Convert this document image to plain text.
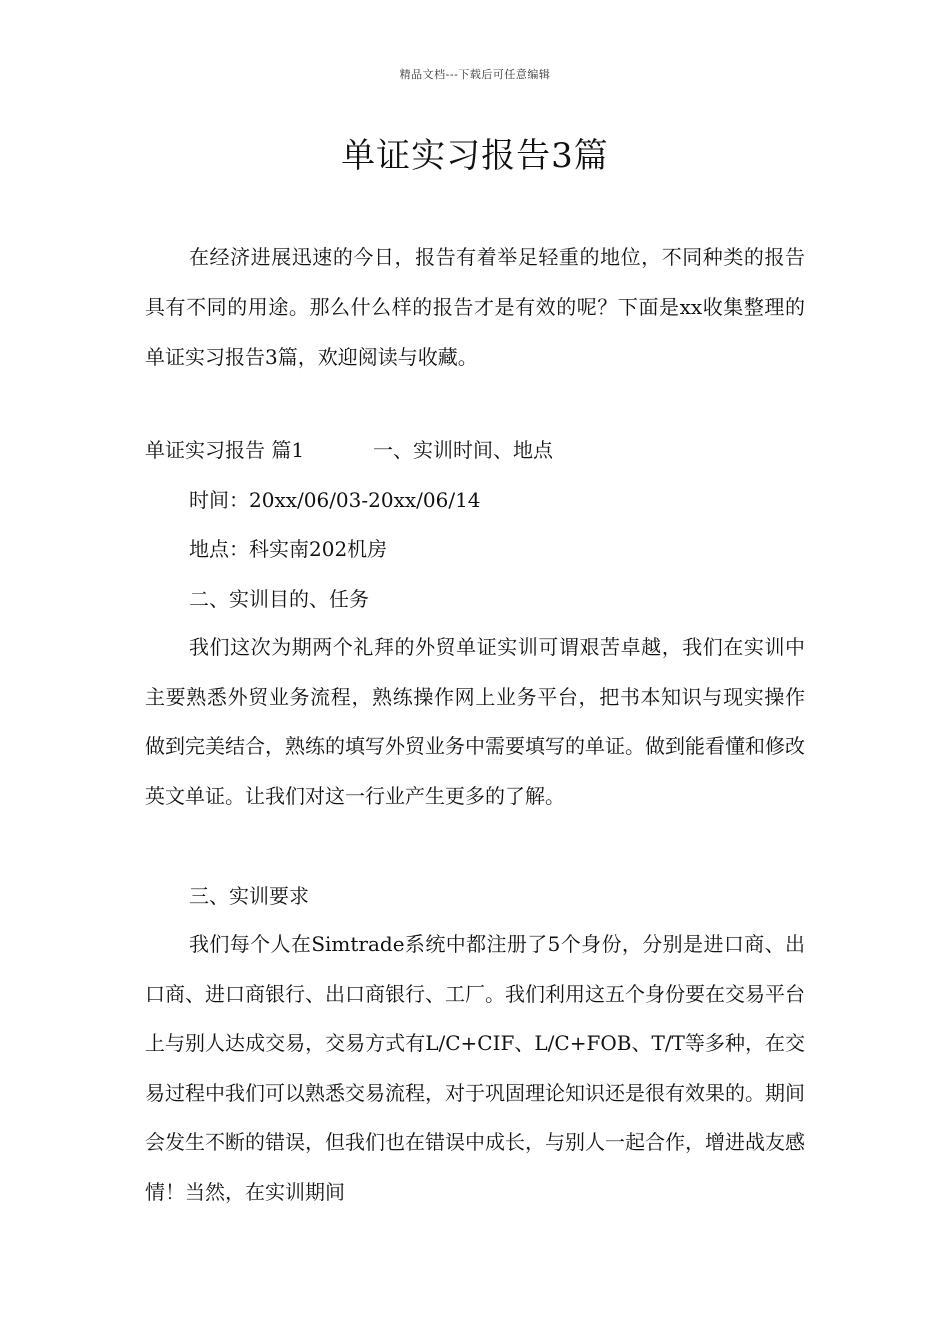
精品文档---下载后可任意编辑
单证实习报告3篇

在经济进展迅速的今日，报告有着举足轻重的地位，不同种类的报告具有不同的用途。那么什么样的报告才是有效的呢？下面是xx收集整理的单证实习报告3篇，欢迎阅读与收藏。

单证实习报告 篇1	一、实训时间、地点
时间：20xx/06/03-20xx/06/14
地点：科实南202机房
二、实训目的、任务

我们这次为期两个礼拜的外贸单证实训可谓艰苦卓越，我们在实训中主要熟悉外贸业务流程，熟练操作网上业务平台，把书本知识与现实操作 做到完美结合，熟练的填写外贸业务中需要填写的单证。做到能看懂和修改英文单证。让我们对这一行业产生更多的了解。

三、实训要求

我们每个人在Simtrade系统中都注册了5个身份，分别是进口商、出口商、进口商银行、出口商银行、工厂。我们利用这五个身份要在交易平台上与别人达成交易，交易方式有L/C+CIF、L/C+FOB、T/T等多种，在交易过程中我们可以熟悉交易流程，对于巩固理论知识还是很有效果的。期间会发生不断的错误，但我们也在错误中成长，与别人一起合作，增进战友感情！当然，在实训期间
